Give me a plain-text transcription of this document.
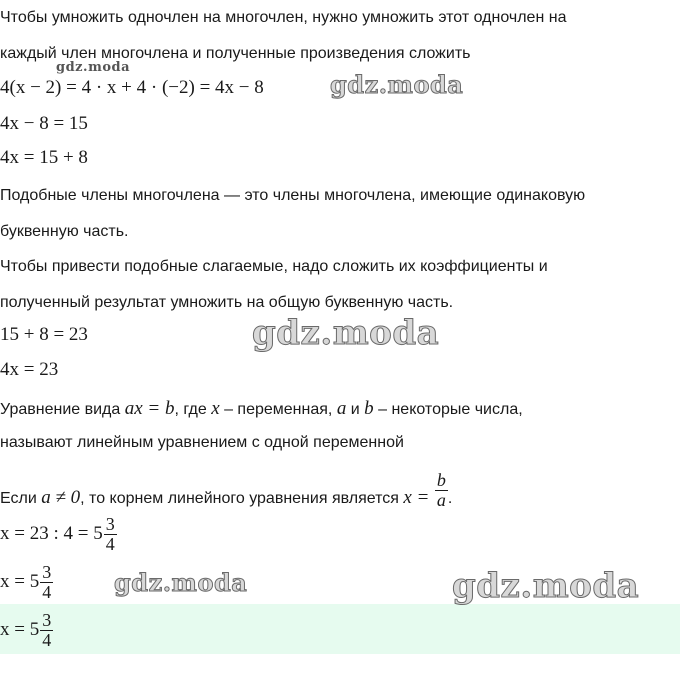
Чтобы умножить одночлен на многочлен, нужно умножить этот одночлен на
каждый член многочлена и полученные произведения сложить
4(x − 2) = 4 · x + 4 · (−2) = 4x − 8
4x − 8 = 15
4x = 15 + 8
Подобные члены многочлена — это члены многочлена, имеющие одинаковую
буквенную часть.
Чтобы привести подобные слагаемые, надо сложить их коэффициенты и
полученный результат умножить на общую буквенную часть.
15 + 8 = 23
4x = 23
Уравнение вида ax = b, где x – переменная, a и b – некоторые числа,
называют линейным уравнением с одной переменной
Если a ≠ 0, то корнем линейного уравнения является $x = \frac{b}{a}$ .
x = 23 : $4 = 5 \frac{3}{4}$
$x = 5 \frac{3}{4}$
$x = 5 \frac{3}{4}$
gdz.moda
gdz.moda
gdz.moda
gdz.moda	gdz.moda
